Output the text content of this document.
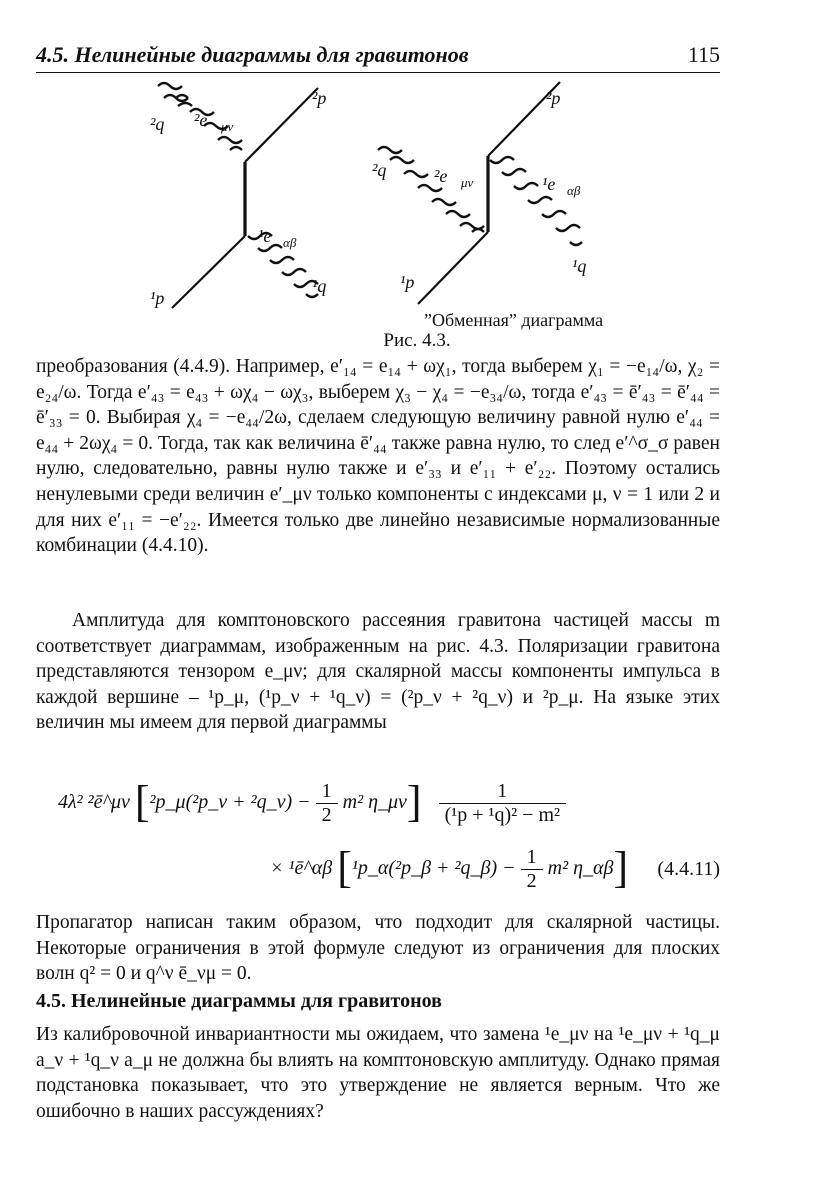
4.5. Нелинейные диаграммы для гравитонов	115
²q ²e μν
²p
¹e αβ
¹q
¹p
²q	²e μν
²p
¹e αβ
¹q
¹p
”Обменная” диаграмма
Рис. 4.3.

преобразования (4.4.9). Например, e′₁₄ = e₁₄ + ωχ₁, тогда выберем χ₁ = −e₁₄/ω, χ₂ = e₂₄/ω. Тогда e′₄₃ = e₄₃ + ωχ₄ − ωχ₃, выберем χ₃ − χ₄ = −e₃₄/ω, тогда e′₄₃ = ē′₄₃ = ē′₄₄ = ē′₃₃ = 0. Выбирая χ₄ = −e₄₄/2ω, сделаем следующую величину равной нулю e′₄₄ = e₄₄ + 2ωχ₄ = 0. Тогда, так как величина ē′₄₄ также равна нулю, то след e′^σ_σ равен нулю, следовательно, равны нулю также и e′₃₃ и e′₁₁ + e′₂₂. Поэтому остались ненулевыми среди величин e′_μν только компоненты с индексами μ, ν = 1 или 2 и для них e′₁₁ = −e′₂₂. Имеется только две линейно независимые нормализованные комбинации (4.4.10).

Амплитуда для комптоновского рассеяния гравитона частицей массы m соответствует диаграммам, изображенным на рис. 4.3. Поляризации гравитона представляются тензором e_μν; для скалярной массы компоненты импульса в каждой вершине – ¹p_μ, (¹p_ν + ¹q_ν) = (²p_ν + ²q_ν) и ²p_μ. На языке этих величин мы имеем для первой диаграммы

4λ² ²ē^μν [²p_μ(²p_ν + ²q_ν) − $\frac{1}{2} m^2$ η_μν] $\frac{1}{\text{(¹p + ¹q)² − m²}}$
× ¹ē^αβ [¹p_α(²p_β + ²q_β) − $\frac{1}{2} m^2$ η_αβ] (4.4.11)

Пропагатор написан таким образом, что подходит для скалярной частицы. Некоторые ограничения в этой формуле следуют из ограничения для плоских волн q² = 0 и q^ν ē_νμ = 0.

4.5. Нелинейные диаграммы для гравитонов

Из калибровочной инвариантности мы ожидаем, что замена ¹e_μν на ¹e_μν + ¹q_μ a_ν + ¹q_ν a_μ не должна бы влиять на комптоновскую амплитуду. Однако прямая подстановка показывает, что это утверждение не является верным. Что же ошибочно в наших рассуждениях?
